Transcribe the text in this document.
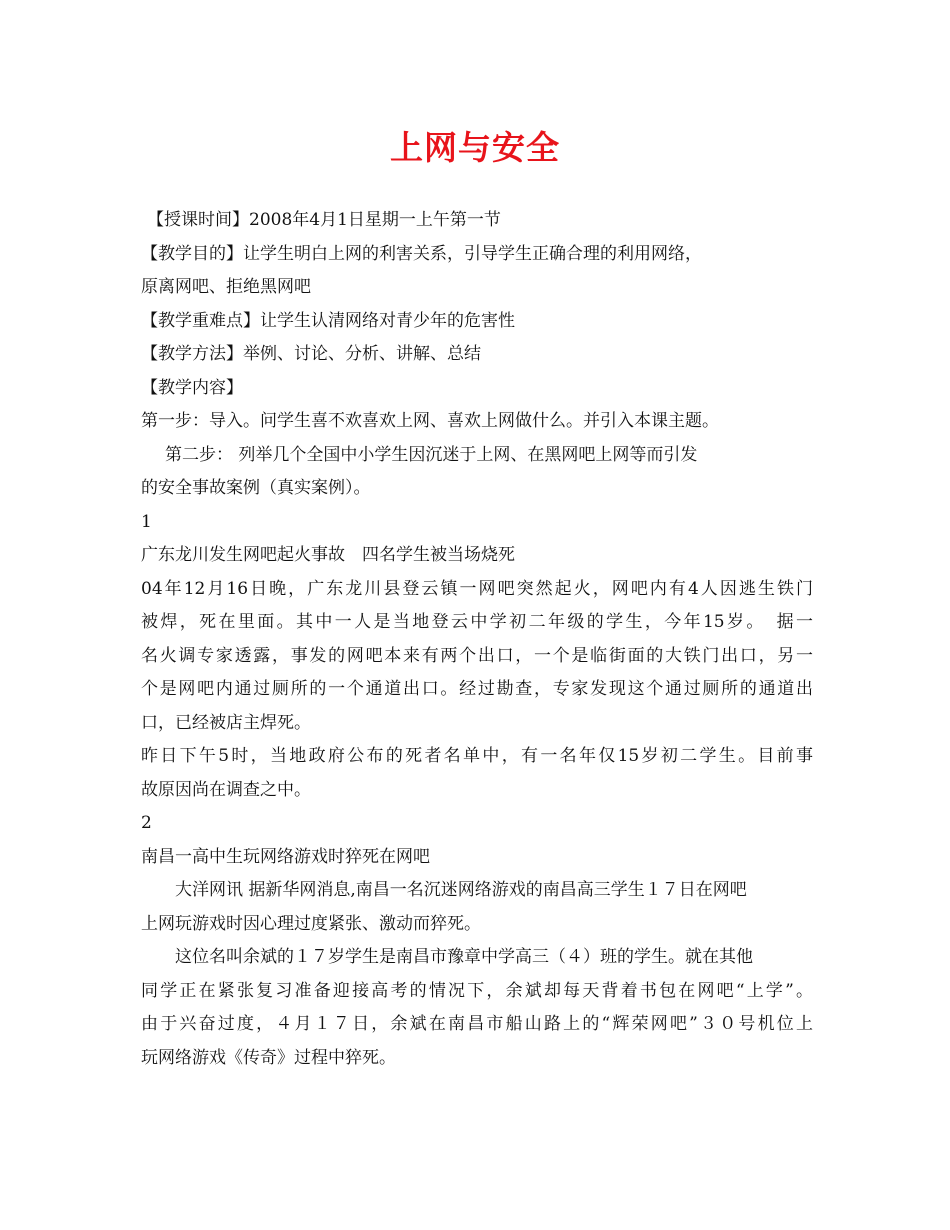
上网与安全
【授课时间】2008年4月1日星期一上午第一节
【教学目的】让学生明白上网的利害关系，引导学生正确合理的利用网络，
原离网吧、拒绝黑网吧
【教学重难点】让学生认清网络对青少年的危害性
【教学方法】举例、讨论、分析、讲解、总结
【教学内容】
第一步：导入。问学生喜不欢喜欢上网、喜欢上网做什么。并引入本课主题。
第二步： 列举几个全国中小学生因沉迷于上网、在黑网吧上网等而引发
的安全事故案例（真实案例）。
1
广东龙川发生网吧起火事故　四名学生被当场烧死
04年12月16日晚，广东龙川县登云镇一网吧突然起火，网吧内有4人因逃生铁门
被焊，死在里面。其中一人是当地登云中学初二年级的学生，今年15岁。　据一
名火调专家透露，事发的网吧本来有两个出口，一个是临街面的大铁门出口，另一
个是网吧内通过厕所的一个通道出口。经过勘查，专家发现这个通过厕所的通道出
口，已经被店主焊死。
昨日下午5时，当地政府公布的死者名单中，有一名年仅15岁初二学生。目前事
故原因尚在调查之中。
2
南昌一高中生玩网络游戏时猝死在网吧
大洋网讯 据新华网消息,南昌一名沉迷网络游戏的南昌高三学生１７日在网吧
上网玩游戏时因心理过度紧张、激动而猝死。
这位名叫余斌的１７岁学生是南昌市豫章中学高三（４）班的学生。就在其他
同学正在紧张复习准备迎接高考的情况下，余斌却每天背着书包在网吧“上学”。
由于兴奋过度，４月１７日，余斌在南昌市船山路上的“辉荣网吧”３０号机位上
玩网络游戏《传奇》过程中猝死。
